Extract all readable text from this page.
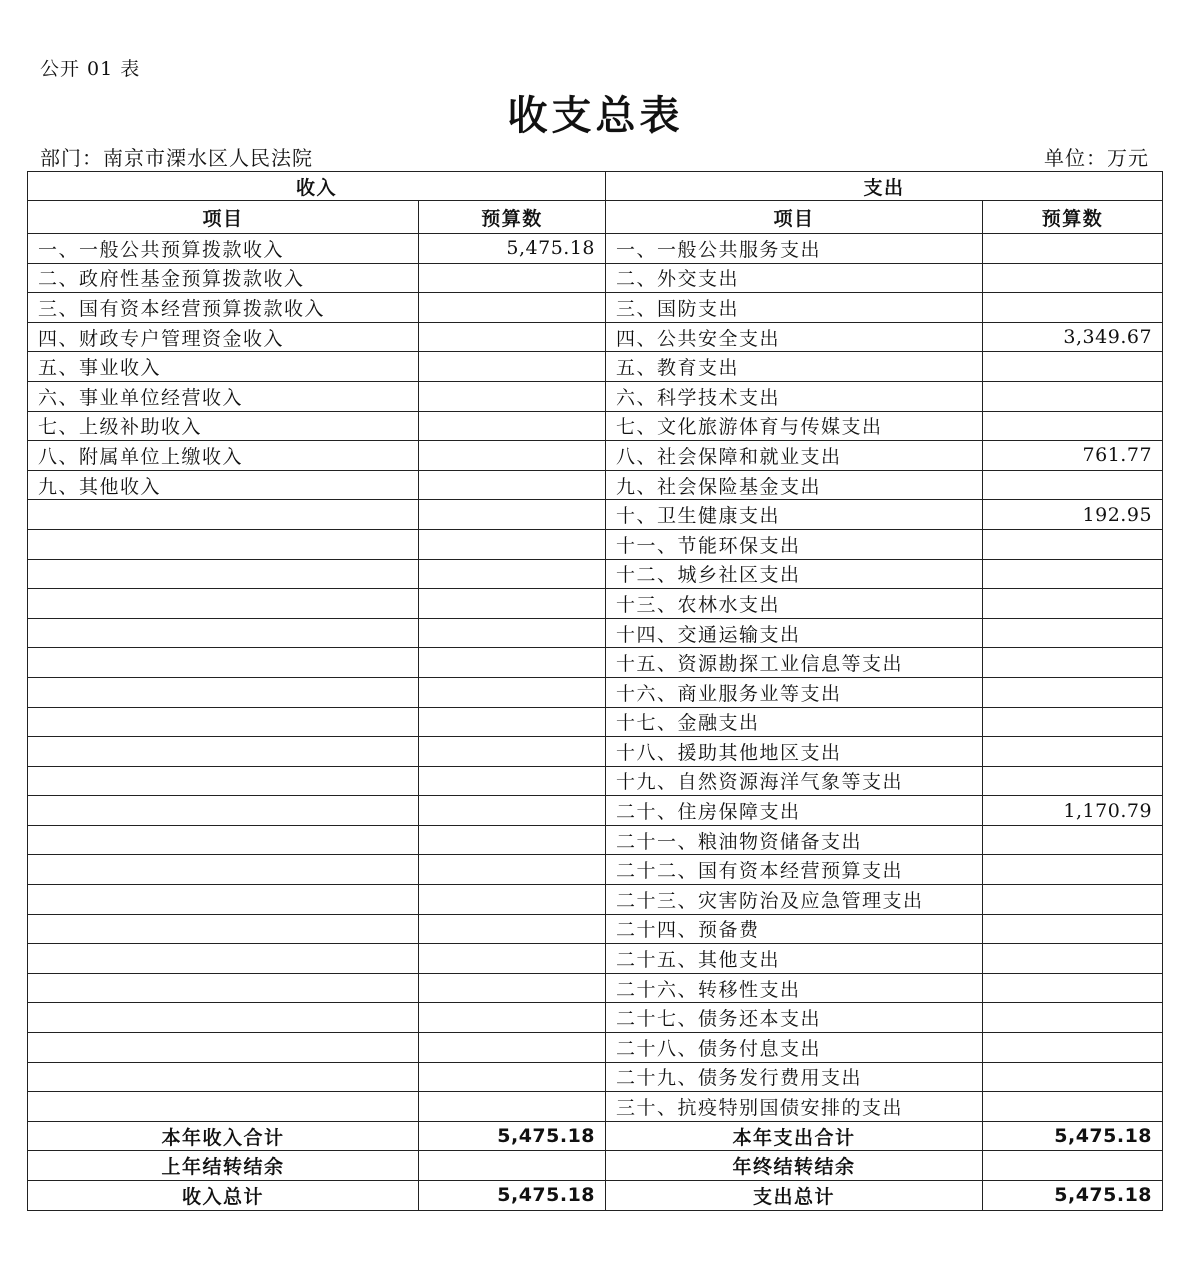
公开 01 表
收支总表
部门：南京市溧水区人民法院	单位：万元
收入		支出	
项目	预算数	项目	预算数
一、一般公共预算拨款收入	5,475.18	一、一般公共服务支出	
二、政府性基金预算拨款收入		二、外交支出	
三、国有资本经营预算拨款收入		三、国防支出	
四、财政专户管理资金收入		四、公共安全支出	3,349.67
五、事业收入		五、教育支出	
六、事业单位经营收入		六、科学技术支出	
七、上级补助收入		七、文化旅游体育与传媒支出	
八、附属单位上缴收入		八、社会保障和就业支出	761.77
九、其他收入		九、社会保险基金支出	
		十、卫生健康支出	192.95
		十一、节能环保支出	
		十二、城乡社区支出	
		十三、农林水支出	
		十四、交通运输支出	
		十五、资源勘探工业信息等支出	
		十六、商业服务业等支出	
		十七、金融支出	
		十八、援助其他地区支出	
		十九、自然资源海洋气象等支出	
		二十、住房保障支出	1,170.79
		二十一、粮油物资储备支出	
		二十二、国有资本经营预算支出	
		二十三、灾害防治及应急管理支出	
		二十四、预备费	
		二十五、其他支出	
		二十六、转移性支出	
		二十七、债务还本支出	
		二十八、债务付息支出	
		二十九、债务发行费用支出	
		三十、抗疫特别国债安排的支出	
本年收入合计	5,475.18	本年支出合计	5,475.18
上年结转结余		年终结转结余	
收入总计	5,475.18	支出总计	5,475.18
